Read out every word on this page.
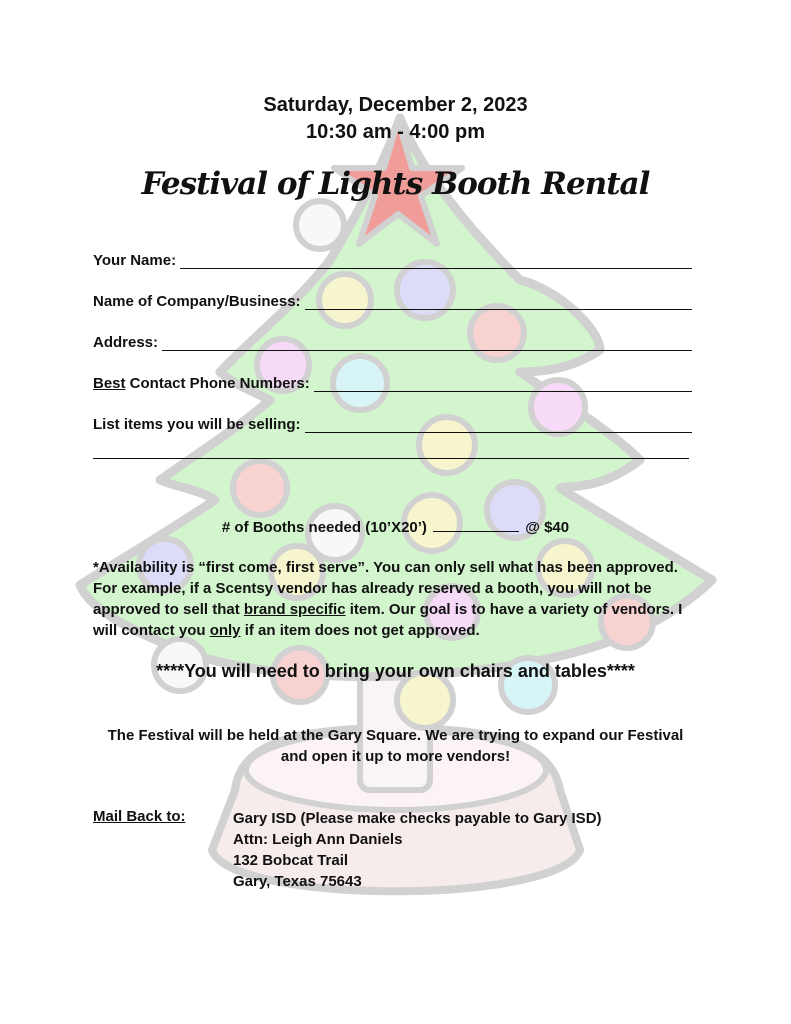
Saturday, December 2, 2023
10:30 am - 4:00 pm
Festival of Lights Booth Rental
Your Name:
Name of Company/Business:
Address:
Best Contact Phone Numbers:
List items you will be selling:
# of Booths needed (10’X20’)	@ $40
*Availability is “first come, first serve”. You can only sell what has been approved. For example, if a Scentsy vendor has already reserved a booth, you will not be approved to sell that brand specific item. Our goal is to have a variety of vendors. I will contact you only if an item does not get approved.
****You will need to bring your own chairs and tables****
The Festival will be held at the Gary Square. We are trying to expand our Festival
and open it up to more vendors!
Mail Back to:	Gary ISD (Please make checks payable to Gary ISD)
Attn: Leigh Ann Daniels
132 Bobcat Trail
Gary, Texas 75643
